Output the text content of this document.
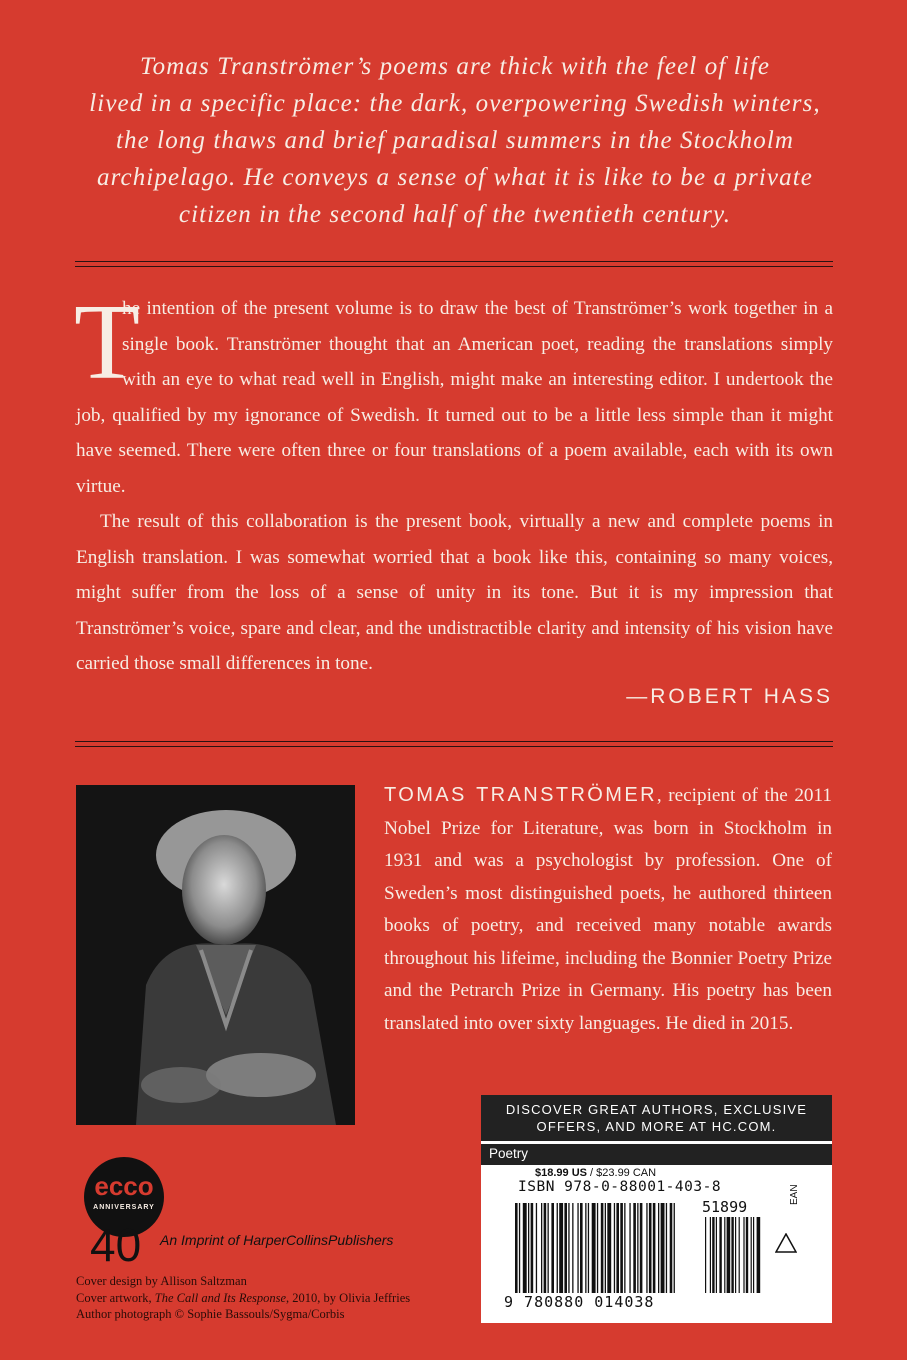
Tomas Tranströmer’s poems are thick with the feel of life
lived in a specific place: the dark, overpowering Swedish winters,
the long thaws and brief paradisal summers in the Stockholm
archipelago. He conveys a sense of what it is like to be a private
citizen in the second half of the twentieth century.
T

he intention of the present volume is to draw the best of Tranströmer’s work together in a single book. Tranströmer thought that an American poet, reading the translations simply with an eye to what read well in English, might make an interesting editor. I undertook the job, qualified by my ignorance of Swedish. It turned out to be a little less simple than it might have seemed. There were often three or four translations of a poem available, each with its own virtue.

The result of this collaboration is the present book, virtually a new and complete poems in English translation. I was somewhat worried that a book like this, containing so many voices, might suffer from the loss of a sense of unity in its tone. But it is my impression that Tranströmer’s voice, spare and clear, and the undistractible clarity and intensity of his vision have carried those small differences in tone.

—ROBERT HASS
TOMAS TRANSTRÖMER, recipient of the 2011 Nobel Prize for Literature, was born in Stockholm in 1931 and was a psychologist by profession. One of Sweden’s most distinguished poets, he authored thirteen books of poetry, and received many notable awards throughout his lifeime, including the Bonnier Poetry Prize and the Petrarch Prize in Germany. His poetry has been translated into over sixty languages. He died in 2015.
ecco
ANNIVERSARY
40 An Imprint of HarperCollinsPublishers
Cover design by Allison Saltzman
Cover artwork, The Call and Its Response, 2010, by Olivia Jeffries
Author photograph © Sophie Bassouls/Sygma/Corbis
DISCOVER GREAT AUTHORS, EXCLUSIVE
OFFERS, AND MORE AT HC.COM.
Poetry
$18.99 US / $23.99 CAN
ISBN 978-0-88001-403-8
51899
EAN
9 780880 014038
